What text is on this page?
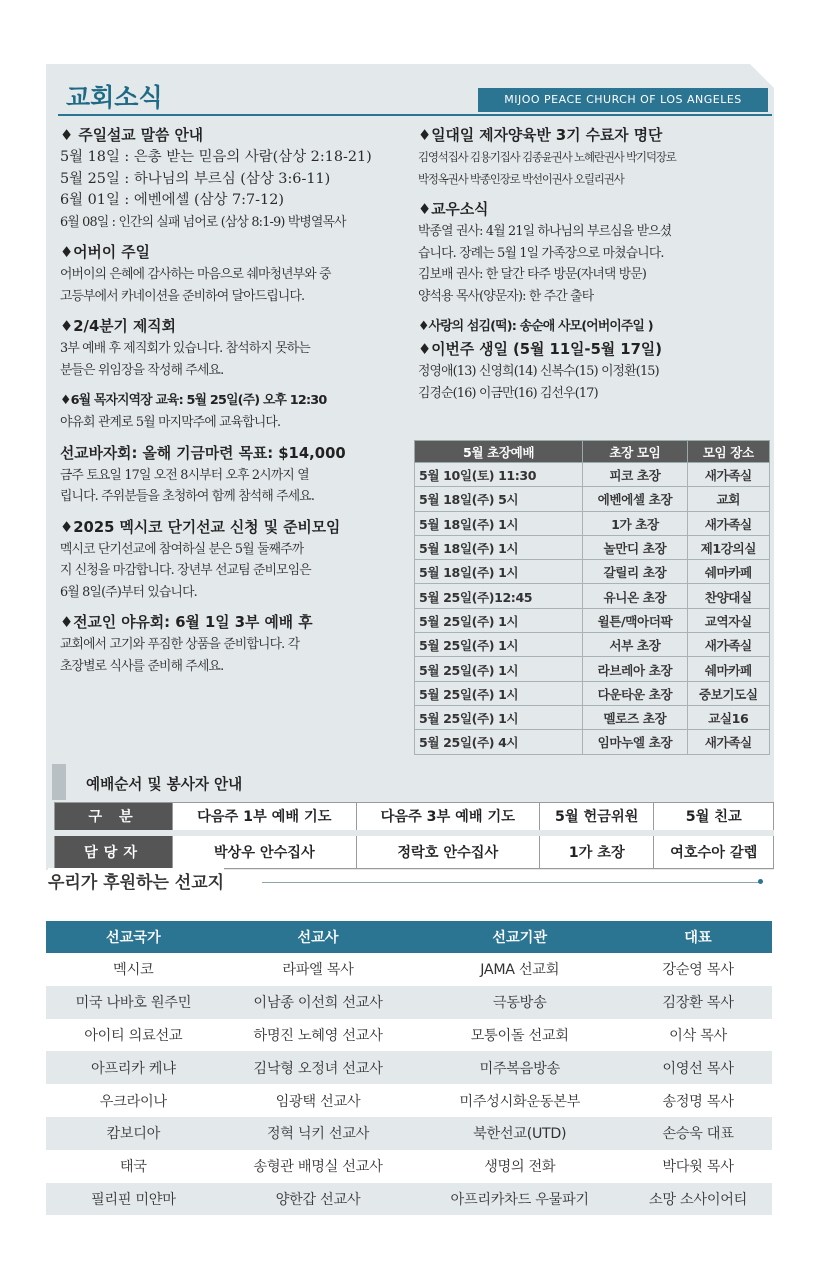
교회소식	MIJOO PEACE CHURCH OF LOS ANGELES
♦ 주일설교 말씀 안내
5월 18일 : 은총 받는 믿음의 사람(삼상 2:18-21)
5월 25일 : 하나님의 부르심 (삼상 3:6-11)
6월 01일 : 에벤에셀 (삼상 7:7-12)
6월 08일 : 인간의 실패 넘어로 (삼상 8:1-9) 박병열목사
♦어버이 주일
어버이의 은혜에 감사하는 마음으로 쉐마청년부와 중
고등부에서 카네이션을 준비하여 달아드립니다.
♦2/4분기 제직회
3부 예배 후 제직회가 있습니다. 참석하지 못하는
분들은 위임장을 작성해 주세요.
♦6월 목자지역장 교육: 5월 25일(주) 오후 12:30
야유회 관계로 5월 마지막주에 교육합니다.
선교바자회: 올해 기금마련 목표: $14,000
금주 토요일 17일 오전 8시부터 오후 2시까지 열
립니다. 주위분들을 초청하여 함께 참석해 주세요.
♦2025 멕시코 단기선교 신청 및 준비모임
멕시코 단기선교에 참여하실 분은 5월 둘째주까
지 신청을 마감합니다. 장년부 선교팀 준비모임은
6월 8일(주)부터 있습니다.
♦전교인 야유회: 6월 1일 3부 예배 후
교회에서 고기와 푸짐한 상품을 준비합니다. 각
초장별로 식사를 준비해 주세요.
♦일대일 제자양육반 3기 수료자 명단
김영석집사 김용기집사 김종윤권사 노혜란권사 박기덕장로
박정옥권사 박종인장로 박선이권사 오릴리권사
♦교우소식
박종열 권사: 4월 21일 하나님의 부르심을 받으셨
습니다. 장례는 5월 1일 가족장으로 마쳤습니다.
김보배 권사: 한 달간 타주 방문(자녀댁 방문)
양석용 목사(양문자): 한 주간 출타
♦사랑의 섬김(떡): 송순애 사모(어버이주일 )
♦이번주 생일 (5월 11일-5월 17일)
정영애(13) 신영희(14) 신복수(15) 이정환(15)
김경순(16) 이금만(16) 김선우(17)
5월 초장예배	초장 모임	모임 장소
5월 10일(토) 11:30	피코 초장	새가족실
5월 18일(주) 5시	에벤에셀 초장	교회
5월 18일(주) 1시	1가 초장	새가족실
5월 18일(주) 1시	놀만디 초장	제1강의실
5월 18일(주) 1시	갈릴리 초장	쉐마카페
5월 25일(주)12:45	유니온 초장	찬양대실
5월 25일(주) 1시	윌튼/맥아더팍	교역자실
5월 25일(주) 1시	서부 초장	새가족실
5월 25일(주) 1시	라브레아 초장	쉐마카페
5월 25일(주) 1시	다운타운 초장	중보기도실
5월 25일(주) 1시	멜로즈 초장	교실16
5월 25일(주) 4시	임마누엘 초장	새가족실
예배순서 및 봉사자 안내
구 분	다음주 1부 예배 기도	다음주 3부 예배 기도	5월 헌금위원	5월 친교
담당자	박상우 안수집사	정락호 안수집사	1가 초장	여호수아 갈렙
우리가 후원하는 선교지
선교국가	선교사	선교기관	대표
멕시코	라파엘 목사	JAMA 선교회	강순영 목사
미국 나바호 원주민	이남종 이선희 선교사	극동방송	김장환 목사
아이티 의료선교	하명진 노혜영 선교사	모퉁이돌 선교회	이삭 목사
아프리카 케냐	김낙형 오정녀 선교사	미주복음방송	이영선 목사
우크라이나	임광택 선교사	미주성시화운동본부	송정명 목사
캄보디아	정혁 닉키 선교사	북한선교(UTD)	손승욱 대표
태국	송형관 배명실 선교사	생명의 전화	박다윗 목사
필리핀 미얀마	양한갑 선교사	아프리카차드 우물파기	소망 소사이어티
